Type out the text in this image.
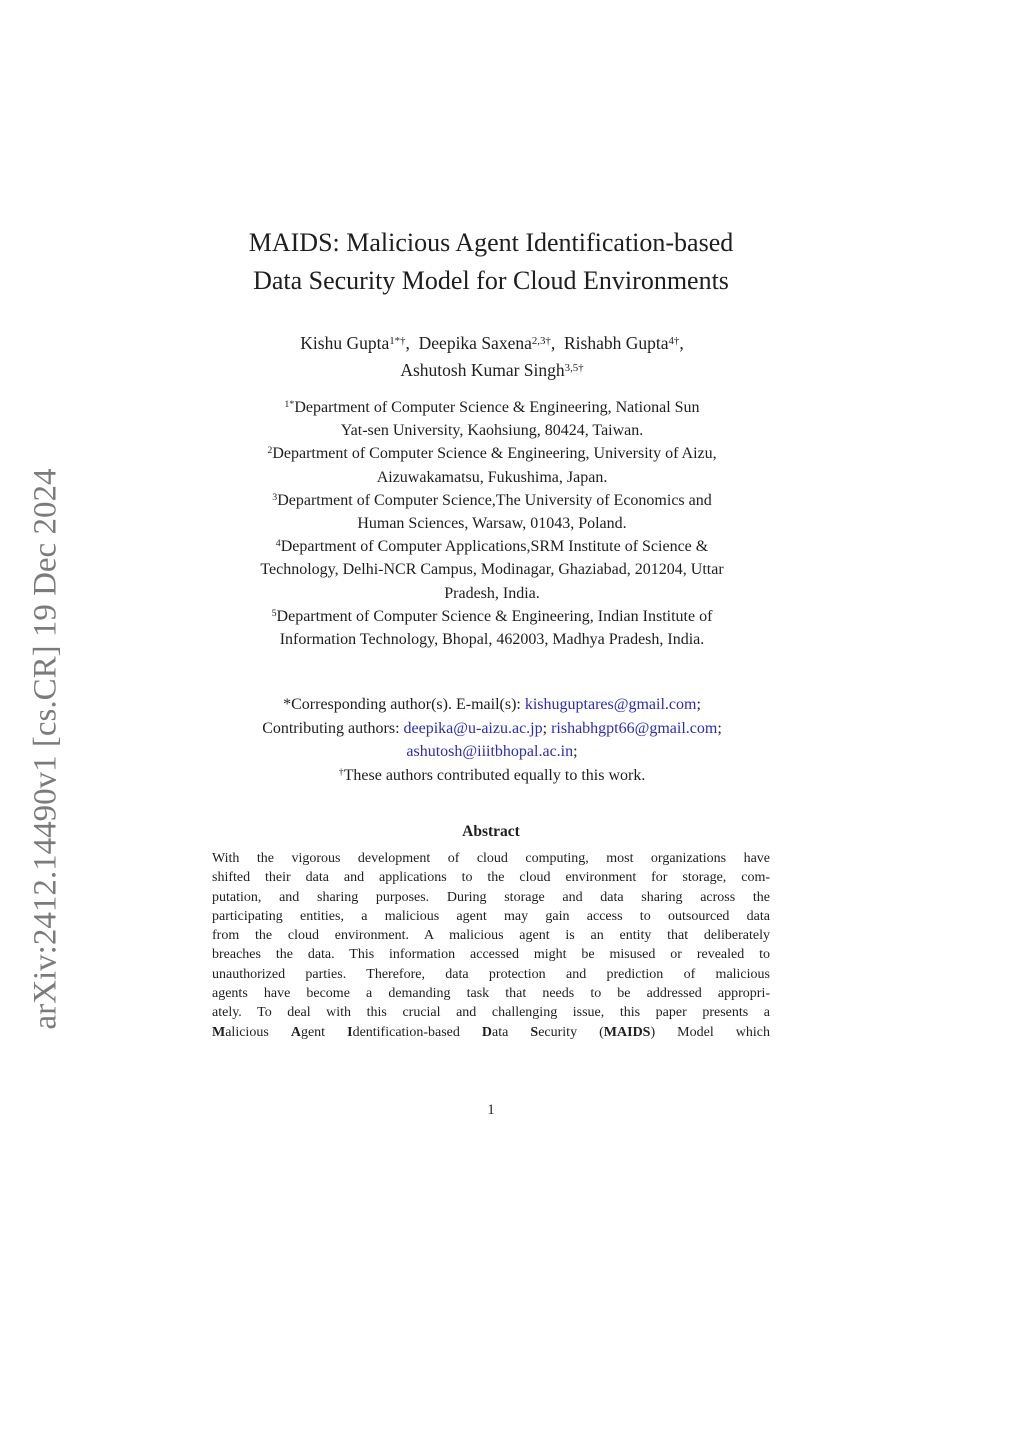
arXiv:2412.14490v1 [cs.CR] 19 Dec 2024
MAIDS: Malicious Agent Identification-based
Data Security Model for Cloud Environments
Kishu Gupta$^{1*\dagger}$,  Deepika Saxena$^{2,3\dagger}$,  Rishabh Gupta$^{4\dagger}$,
Ashutosh Kumar Singh$^{3,5\dagger}$
$^{1*}$Department of Computer Science & Engineering, National Sun
Yat-sen University, Kaohsiung, 80424, Taiwan.
$^2$Department of Computer Science & Engineering, University of Aizu,
Aizuwakamatsu, Fukushima, Japan.
$^3$Department of Computer Science,The University of Economics and
Human Sciences, Warsaw, 01043, Poland.
$^4$Department of Computer Applications,SRM Institute of Science &
Technology, Delhi-NCR Campus, Modinagar, Ghaziabad, 201204, Uttar
Pradesh, India.
$^5$Department of Computer Science & Engineering, Indian Institute of
Information Technology, Bhopal, 462003, Madhya Pradesh, India.
*Corresponding author(s). E-mail(s): kishuguptares@gmail.com;
Contributing authors: deepika@u-aizu.ac.jp; rishabhgpt66@gmail.com;
ashutosh@iiitbhopal.ac.in;
†These authors contributed equally to this work.
Abstract
With the vigorous development of cloud computing, most organizations have
shifted their data and applications to the cloud environment for storage, com-
putation, and sharing purposes. During storage and data sharing across the
participating entities, a malicious agent may gain access to outsourced data
from the cloud environment. A malicious agent is an entity that deliberately
breaches the data. This information accessed might be misused or revealed to
unauthorized parties. Therefore, data protection and prediction of malicious
agents have become a demanding task that needs to be addressed appropri-
ately. To deal with this crucial and challenging issue, this paper presents a
Malicious Agent Identification-based Data Security (MAIDS) Model which
1
